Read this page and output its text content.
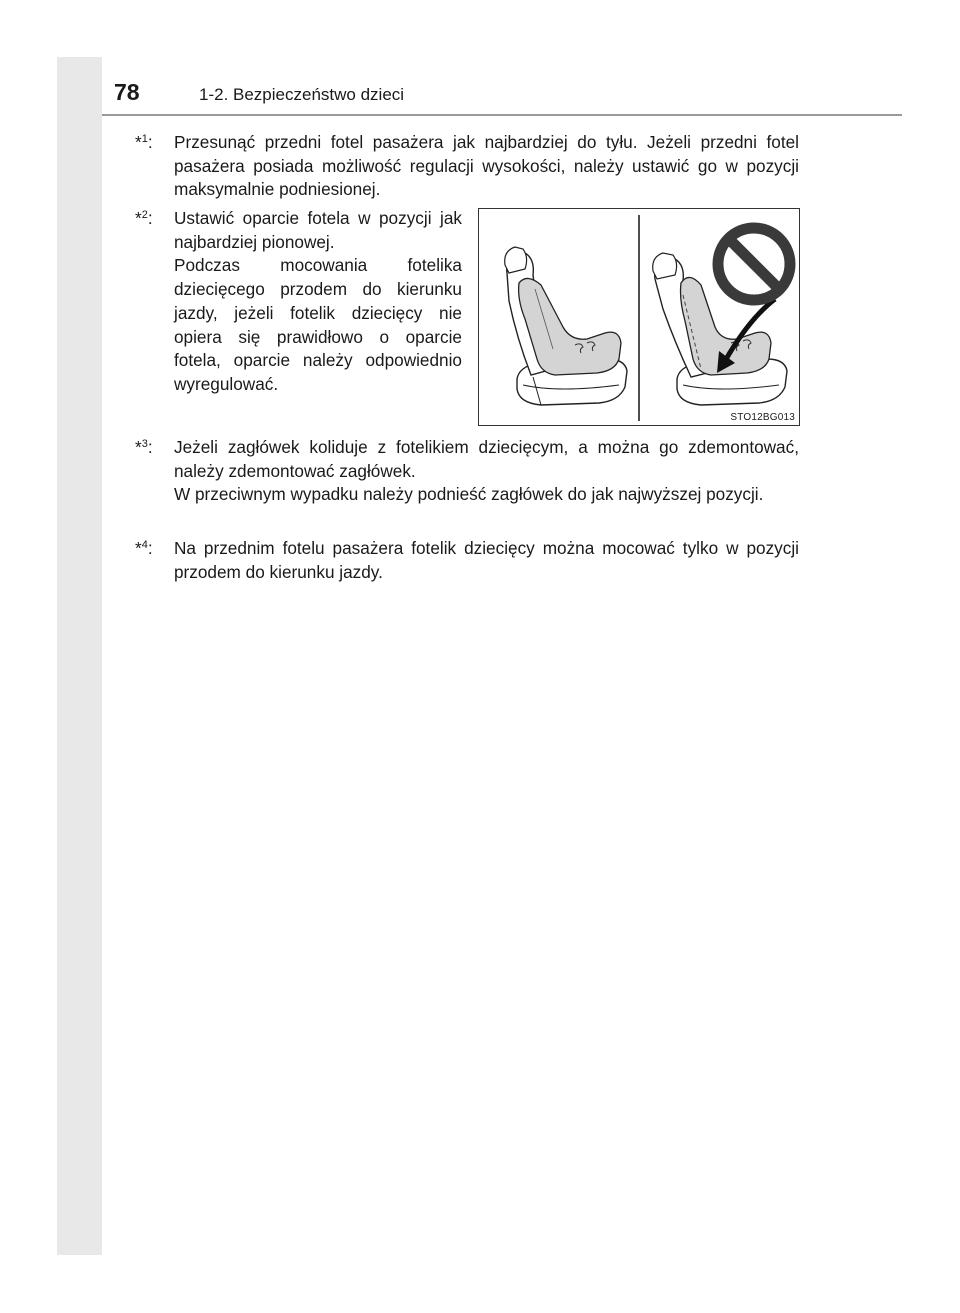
78	1-2. Bezpieczeństwo dzieci
*$^1$: Przesunąć przedni fotel pasażera jak najbardziej do tyłu. Jeżeli przedni fotel pasażera posiada możliwość regulacji wysokości, należy ustawić go w pozycji maksymalnie podniesionej.

*$^2$: Ustawić oparcie fotela w pozycji jak najbardziej pionowej.

Podczas mocowania fotelika dziecięcego przodem do kierunku jazdy, jeżeli fotelik dziecięcy nie opiera się prawidłowo o oparcie fotela, oparcie należy odpowiednio wyregulować.

STO12BG013
*$^3$: Jeżeli zagłówek koliduje z fotelikiem dziecięcym, a można go zdemontować, należy zdemontować zagłówek.

W przeciwnym wypadku należy podnieść zagłówek do jak najwyższej pozycji.

*$^4$: Na przednim fotelu pasażera fotelik dziecięcy można mocować tylko w pozycji przodem do kierunku jazdy.
